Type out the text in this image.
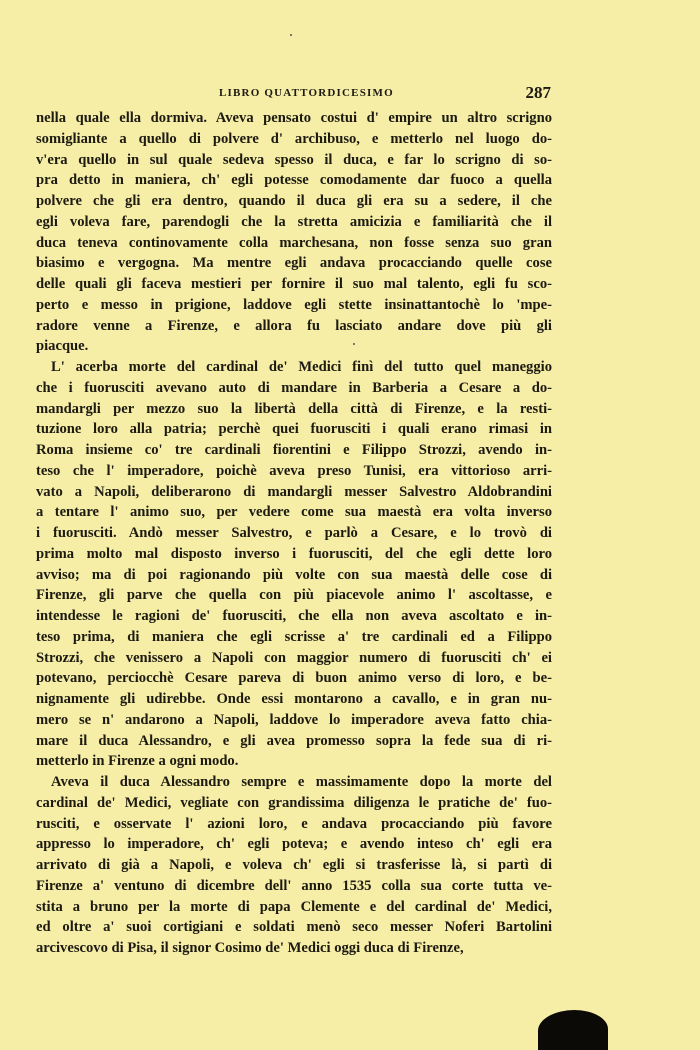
LIBRO QUATTORDICESIMO	287
nella quale ella dormiva. Aveva pensato costui d' empire un altro scrigno
somigliante a quello di polvere d' archibuso, e metterlo nel luogo do-
v'era quello in sul quale sedeva spesso il duca, e far lo scrigno di so-
pra detto in maniera, ch' egli potesse comodamente dar fuoco a quella
polvere che gli era dentro, quando il duca gli era su a sedere, il che
egli voleva fare, parendogli che la stretta amicizia e familiarità che il
duca teneva continovamente colla marchesana, non fosse senza suo gran
biasimo e vergogna. Ma mentre egli andava procacciando quelle cose
delle quali gli faceva mestieri per fornire il suo mal talento, egli fu sco-
perto e messo in prigione, laddove egli stette insinattantochè lo 'mpe-
radore venne a Firenze, e allora fu lasciato andare dove più gli
piacque.
L' acerba morte del cardinal de' Medici finì del tutto quel maneggio
che i fuorusciti avevano auto di mandare in Barberia a Cesare a do-
mandargli per mezzo suo la libertà della città di Firenze, e la resti-
tuzione loro alla patria; perchè quei fuorusciti i quali erano rimasi in
Roma insieme co' tre cardinali fiorentini e Filippo Strozzi, avendo in-
teso che l' imperadore, poichè aveva preso Tunisi, era vittorioso arri-
vato a Napoli, deliberarono di mandargli messer Salvestro Aldobrandini
a tentare l' animo suo, per vedere come sua maestà era volta inverso
i fuorusciti. Andò messer Salvestro, e parlò a Cesare, e lo trovò di
prima molto mal disposto inverso i fuorusciti, del che egli dette loro
avviso; ma di poi ragionando più volte con sua maestà delle cose di
Firenze, gli parve che quella con più piacevole animo l' ascoltasse, e
intendesse le ragioni de' fuorusciti, che ella non aveva ascoltato e in-
teso prima, di maniera che egli scrisse a' tre cardinali ed a Filippo
Strozzi, che venissero a Napoli con maggior numero di fuorusciti ch' ei
potevano, perciocchè Cesare pareva di buon animo verso di loro, e be-
nignamente gli udirebbe. Onde essi montarono a cavallo, e in gran nu-
mero se n' andarono a Napoli, laddove lo imperadore aveva fatto chia-
mare il duca Alessandro, e gli avea promesso sopra la fede sua di ri-
metterlo in Firenze a ogni modo.
Aveva il duca Alessandro sempre e massimamente dopo la morte del
cardinal de' Medici, vegliate con grandissima diligenza le pratiche de' fuo-
rusciti, e osservate l' azioni loro, e andava procacciando più favore
appresso lo imperadore, ch' egli poteva; e avendo inteso ch' egli era
arrivato di già a Napoli, e voleva ch' egli si trasferisse là, si partì di
Firenze a' ventuno di dicembre dell' anno 1535 colla sua corte tutta ve-
stita a bruno per la morte di papa Clemente e del cardinal de' Medici,
ed oltre a' suoi cortigiani e soldati menò seco messer Noferi Bartolini
arcivescovo di Pisa, il signor Cosimo de' Medici oggi duca di Firenze,
